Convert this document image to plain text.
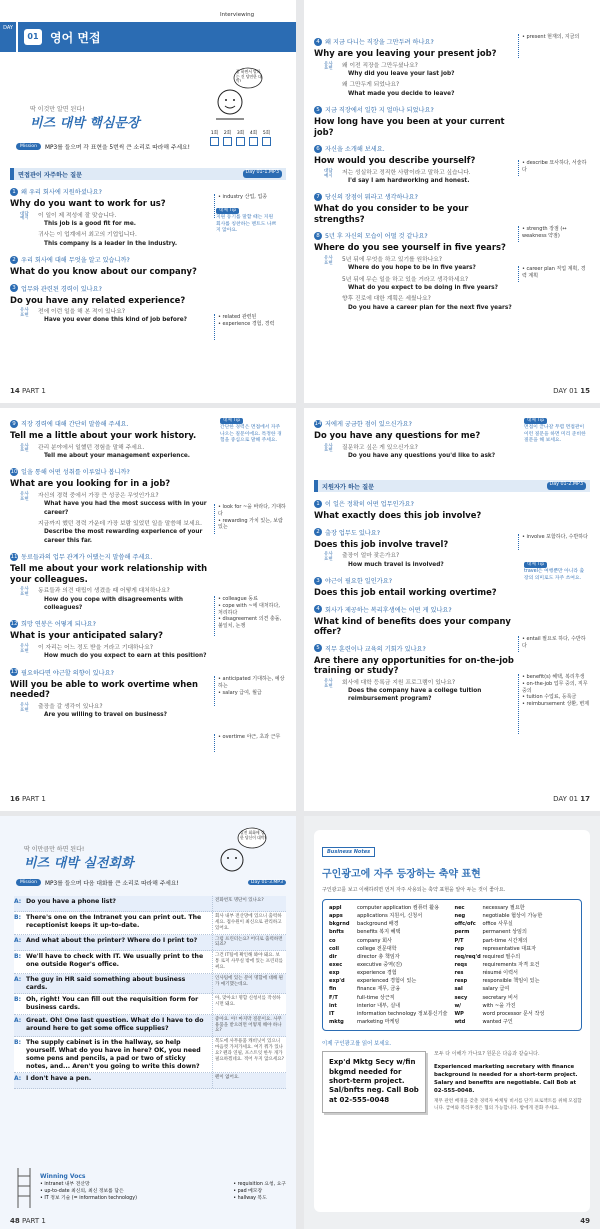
DAY
01 영어 면접
Interviewing
딱 이것만 알면 된다!
비즈 대박 핵심문장
잘 하면서 말하는 건 당연한 대박!
1회 2회 3회 4회 5회
Mission	MP3를 들으며 각 표현을 5번씩 큰 소리로 따라해 주세요!
면접관이 자주하는 질문	Day 01-1.MP3
1 왜 우리 회사에 지원하셨나요?
Why do you want to work for us?
대답 예시
이 일이 제 적성에 잘 맞습니다.
This job is a good fit for me.
귀사는 이 업계에서 최고의 기업입니다.
This company is a leader in the industry.
2 우리 회사에 대해 무엇을 알고 있습니까?
What do you know about our company?
3 업무와 관련된 경력이 있나요?
Do you have any related experience?
유사 표현
전에 이런 일을 해 본 적이 있나요?
Have you ever done this kind of job before?
• industry 산업, 업종
대체 Tip
지원 동기를 말할 때는 지원 회사를 칭찬하는 멘트도 나쁘지 않아요.
• related 관련된
• experience 경험, 경력
14 PART 1
4 왜 지금 다니는 직장을 그만두려 하나요?
Why are you leaving your present job?
유사 표현
왜 이전 직장을 그만두셨나요?
Why did you leave your last job?
왜 그만두게 되었나요?
What made you decide to leave?
5 지금 직장에서 일한 지 얼마나 되었나요?
How long have you been at your current job?
6 자신을 소개해 보세요.
How would you describe yourself?
대답 예시
저는 성실하고 정직한 사람이라고 말하고 싶습니다.
I'd say I am hardworking and honest.
7 당신의 장점이 뭐라고 생각하나요?
What do you consider to be your strengths?
8 5년 후 자신의 모습이 어떨 것 같나요?
Where do you see yourself in five years?
유사 표현
5년 뒤에 무엇을 하고 있기를 원하나요?
Where do you hope to be in five years?
5년 뒤에 무슨 일을 하고 있을 거라고 생각하세요?
What do you expect to be doing in five years?
향후 진로에 대한 계획은 세웠나요?
Do you have a career plan for the next five years?
• present 현재의, 지금의
• describe 묘사하다, 서술하다
• strength 장점 (↔ weakness 약점)
• career plan 직업 계획, 경력 계획
DAY 01 15
9 직장 경력에 대해 간단히 말씀해 주세요.
Tell me a little about your work history.
유사 표현
관리 분야에서 일했던 경험을 말해 주세요.
Tell me about your management experience.
10 일을 통해 어떤 성취를 이루었나 봅니까?
What are you looking for in a job?
유사 표현
자신의 경력 중에서 가장 큰 성공은 무엇인가요?
What have you had the most success with in your career?
지금까지 했던 경력 가운데 가장 보람 있었던 일을 말씀해 보세요.
Describe the most rewarding experience of your career this far.
11 동료들과의 업무 관계가 어땠는지 말씀해 주세요.
Tell me about your work relationship with your colleagues.
유사 표현
동료들과 의견 대립이 생겼을 때 어떻게 대처하나요?
How do you cope with disagreements with colleagues?
12 희망 연봉은 어떻게 되나요?
What is your anticipated salary?
유사 표현
이 자리는 어느 정도 받을 거라고 기대하나요?
How much do you expect to earn at this position?
13 필요하다면 야근할 의향이 있나요?
Will you be able to work overtime when needed?
유사 표현
출장을 갈 생각이 있나요?
Are you willing to travel on business?
대체 Tip
간단한 경력은 면접에서 자주 나오는 질문이에요. 특정한 경험을 중심으로 말해 주세요.
• look for ~을 바라다, 기대하다
• rewarding 가치 있는, 보람 있는
• colleague 동료
• cope with ~에 대처하다, 처리하다
• disagreement 의견 충돌, 불일치, 논쟁
• anticipated 기대하는, 예상하는
• salary 급여, 월급
• overtime 야근, 초과 근무
16 PART 1
14 저에게 궁금한 점이 있으신가요?
Do you have any questions for me?
유사 표현
질문하고 싶은 게 있으신가요?
Do you have any questions you'd like to ask?
지원자가 하는 질문	Day 01-2.MP3
1 이 일은 정확히 어떤 업무인가요?
What exactly does this job involve?
2 출장 업무도 있나요?
Does this job involve travel?
유사 표현
출장이 얼마 잦은가요?
How much travel is involved?
3 야근이 필요한 일인가요?
Does this job entail working overtime?
4 회사가 제공하는 복리후생에는 어떤 게 있나요?
What kind of benefits does your company offer?
5 직무 훈련이나 교육의 기회가 있나요?
Are there any opportunities for on-the-job training or study?
유사 표현
회사에 대학 등록금 지원 프로그램이 있나요?
Does the company have a college tuition reimbursement program?
대체 Tip
면접이 끝나갈 무렵 면접관이 이런 질문을 하면 미리 준비한 질문을 해 보세요.
• involve 포함하다, 수반하다
대체 Tip
travel은 여행뿐만 아니라 출장의 의미로도 자주 쓰여요.
• entail 필요로 하다, 수반하다
• benefit(s) 혜택, 복리후생
• on-the-job 업무 중의, 직무 중의
• tuition 수업료, 등록금
• reimbursement 상환, 변제
DAY 01 17
딱 이만큼만 하면 된다!
비즈 대박 실전회화
실전 회화에 강한 당신이 대박!
Mission	MP3를 들으며 다음 대화를 큰 소리로 따라해 주세요!	Day 01-3.MP3
A: Do you have a phone list?	전화번호 명단이 있나요?
B: There's one on the Intranet you can print out. The receptionist keeps it up-to-date.
회사 내부 전산망에 있으니 출력하세요. 접수원이 최신으로 관리하고 있어요.
A: And what about the printer? Where do I print to?	그럼 프린터는요? 어디로 출력하면 되죠?
B: We'll have to check with IT. We usually print to the one outside Roger's office.
그건 IT팀에 확인해 봐야 돼요. 보통 로저 사무실 밖에 있는 프린터를 써요.
A: The guy in HR said something about business cards.
인사팀에 있는 분이 명함에 대해 뭔가 얘기했는데요.
B: Oh, right! You can fill out the requisition form for business cards.
아, 맞아요! 명함 신청서를 작성하시면 돼요.
A: Great. Oh! One last question. What do I have to do around here to get some office supplies?
좋아요. 아! 마지막 질문이요. 사무용품을 받으려면 어떻게 해야 하나요?
B: The supply cabinet is in the hallway, so help yourself. What do you have in here? OK, you need some pens and pencils, a pad or two of sticky notes, and... Aren't you going to write this down?
복도에 사무용품 캐비닛이 있으니 마음껏 가져가세요. 여기 뭐가 있나요? 펜과 연필, 포스트잇 한두 개가 필요하겠네요. 적어 두지 않으세요?
A: I don't have a pen.	펜이 없어요.
Winning Vocs
• intranet 내부 전산망
• up-to-date 최신의, 최신 정보를 담은
• IT 정보 기술 (= information technology)
• requisition 요청, 요구
• pad 메모장
• hallway 복도
48 PART 1
Business Notes
구인광고에 자주 등장하는 축약 표현
구인광고를 보고 이해하려면 먼저 자주 사용되는 축약 표현을 알아 두는 것이 좋아요.
appl	computer application 컴퓨터 활용
apps	applications 지원서, 신청서
bkgrnd	background 배경
bnfts	benefits 복지 혜택
co	company 회사
coll	college 전문대학
dir	director 총 책임자
exec	executive 중역(진)
exp	experience 경험
exp'd	experienced 경험이 있는
fin	finance 재무, 금융
F/T	full-time 상근직
int	interior 내부, 실내
IT	information technology 정보통신기술
mktg	marketing 마케팅
nec	necessary 필요한
neg	negotiable 협상이 가능한
offc/ofc	office 사무실
perm	permanent 상임의
P/T	part-time 시간제의
rep	representative 대표자
req/req'd required 필수의
reqs	requirements 자격 요건
res	résumé 이력서
resp	responsible 책임이 있는
sal	salary 급여
secy	secretary 비서
w/	with ~을 가진
WP	word processor 문서 작성
wtd	wanted 구인
이제 구인광고를 읽어 보세요.
Exp'd Mktg Secy w/fin bkgmd needed for short-term project. Sal/bnfts neg. Call Bob at 02-555-0048
모두 다 이해가 가나요? 원문은 다음과 같습니다.
Experienced marketing secretary with finance background is needed for a short-term project. Salary and benefits are negotiable. Call Bob at 02-555-0048.
재무 관련 배경을 갖춘 경력자 마케팅 비서를 단기 프로젝트를 위해 모집합니다. 급여와 복리후생은 협의 가능합니다. 밥에게 전화 주세요.
49
